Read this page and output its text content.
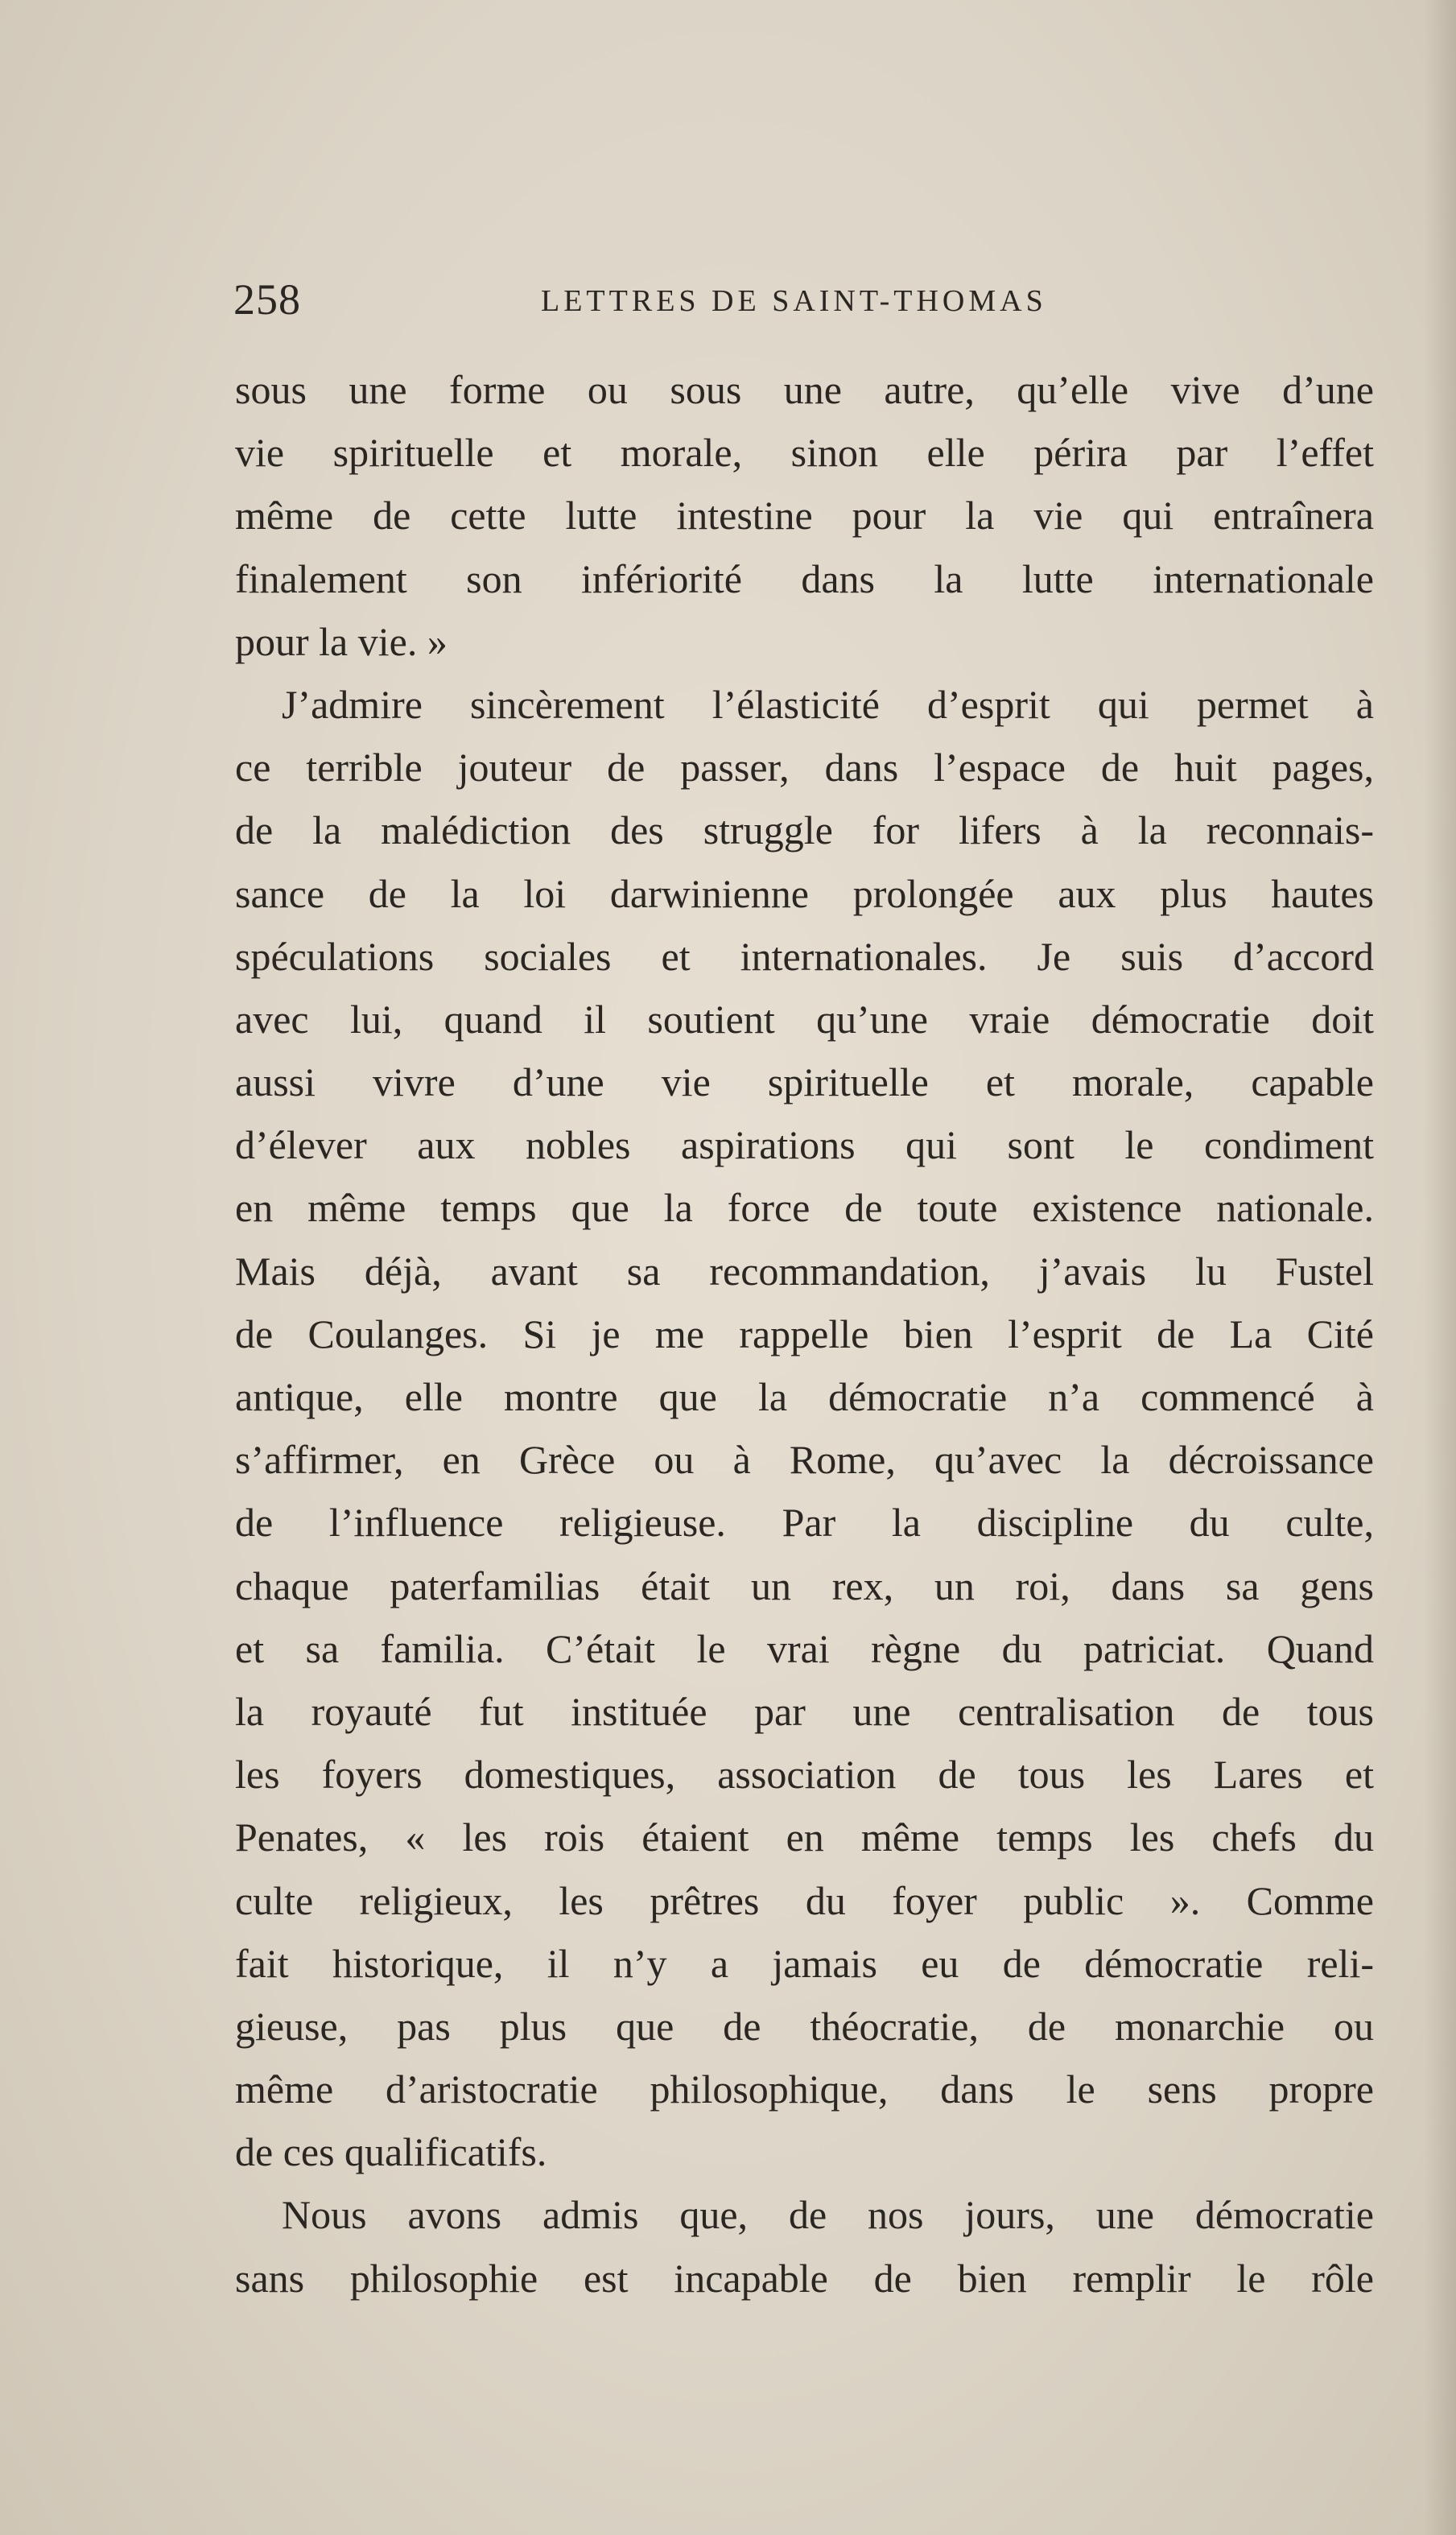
258	LETTRES DE SAINT-THOMAS
sous une forme ou sous une autre, qu’elle vive d’une
vie spirituelle et morale, sinon elle périra par l’effet
même de cette lutte intestine pour la vie qui entraînera
finalement son infériorité dans la lutte internationale
pour la vie. »
J’admire sincèrement l’élasticité d’esprit qui permet à
ce terrible jouteur de passer, dans l’espace de huit pages,
de la malédiction des struggle for lifers à la reconnais-
sance de la loi darwinienne prolongée aux plus hautes
spéculations sociales et internationales. Je suis d’accord
avec lui, quand il soutient qu’une vraie démocratie doit
aussi vivre d’une vie spirituelle et morale, capable
d’élever aux nobles aspirations qui sont le condiment
en même temps que la force de toute existence nationale.
Mais déjà, avant sa recommandation, j’avais lu Fustel
de Coulanges. Si je me rappelle bien l’esprit de La Cité
antique, elle montre que la démocratie n’a commencé à
s’affirmer, en Grèce ou à Rome, qu’avec la décroissance
de l’influence religieuse. Par la discipline du culte,
chaque paterfamilias était un rex, un roi, dans sa gens
et sa familia. C’était le vrai règne du patriciat. Quand
la royauté fut instituée par une centralisation de tous
les foyers domestiques, association de tous les Lares et
Penates, « les rois étaient en même temps les chefs du
culte religieux, les prêtres du foyer public ». Comme
fait historique, il n’y a jamais eu de démocratie reli-
gieuse, pas plus que de théocratie, de monarchie ou
même d’aristocratie philosophique, dans le sens propre
de ces qualificatifs.
Nous avons admis que, de nos jours, une démocratie
sans philosophie est incapable de bien remplir le rôle
